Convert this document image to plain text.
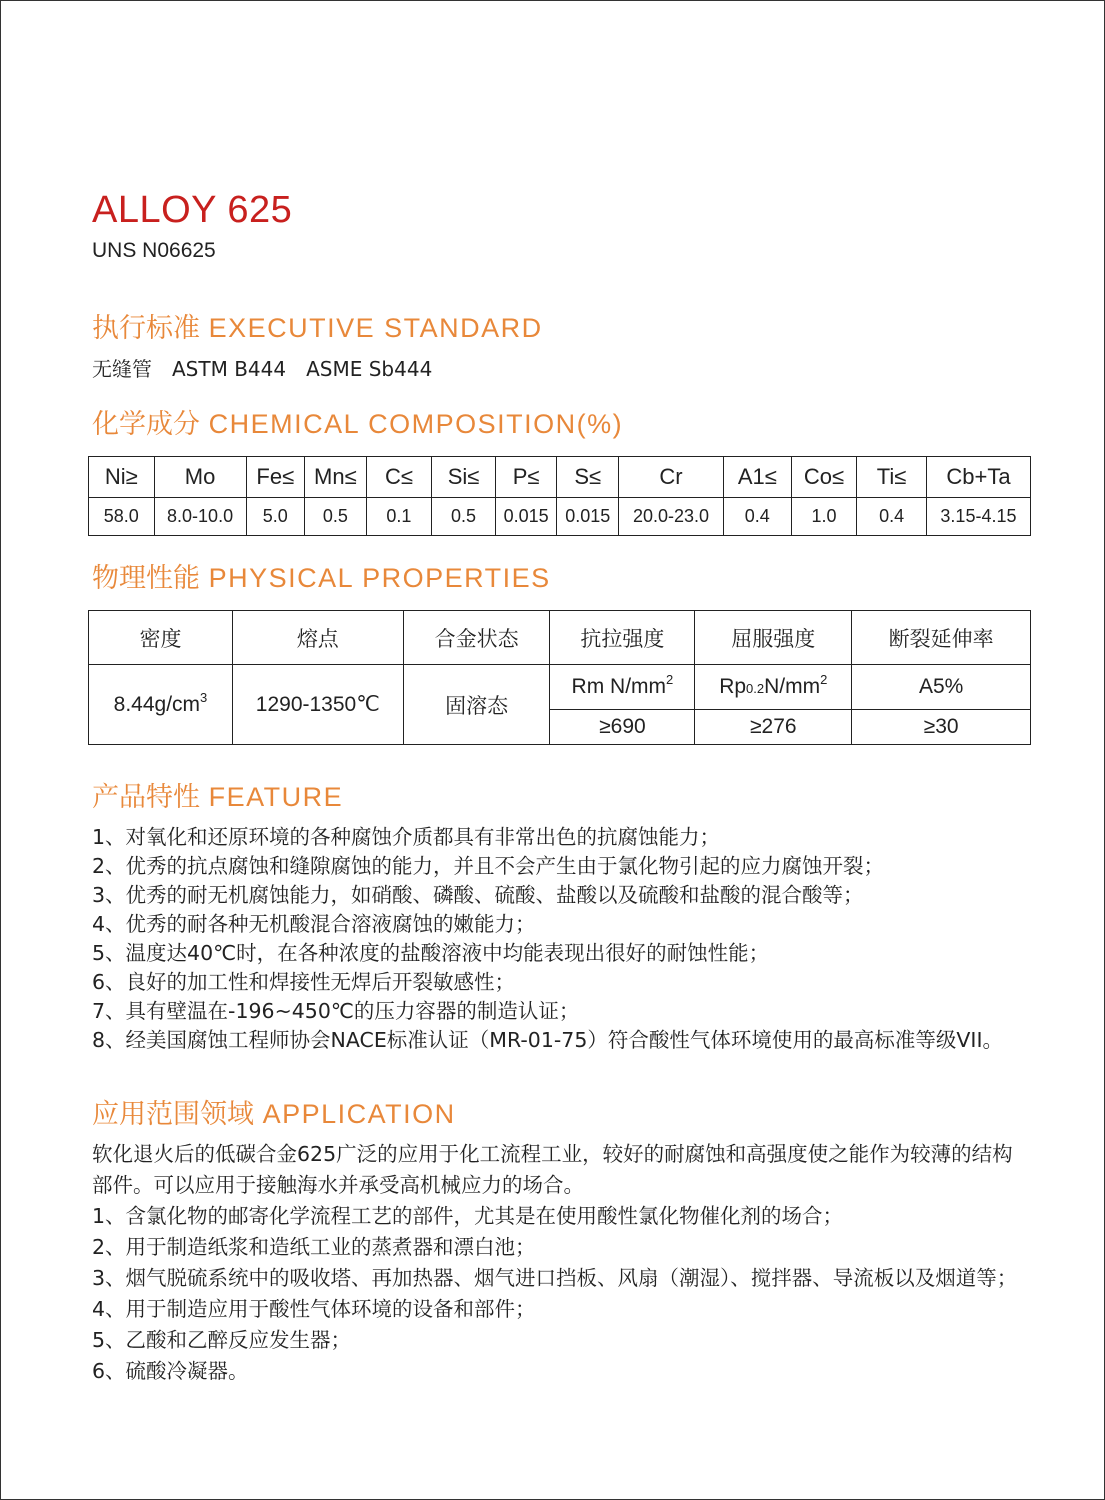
ALLOY 625
UNS N06625
执行标准 EXECUTIVE STANDARD
无缝管 ASTM B444 ASME Sb444
化学成分 CHEMICAL COMPOSITION(%)
Ni≥	Mo	Fe≤	Mn≤	C≤	Si≤	P≤	S≤	Cr	A1≤	Co≤	Ti≤	Cb+Ta
58.0	8.0-10.0	5.0	0.5	0.1	0.5	0.015	0.015	20.0-23.0	0.4	1.0	0.4	3.15-4.15
物理性能 PHYSICAL PROPERTIES
密度	熔点	合金状态	抗拉强度	屈服强度	断裂延伸率
$8.44g/cm^3$	1290-1350℃	固溶态	Rm $N/mm^2$	$Rp0.2N/mm^2$	A5%
			≥690	≥276	≥30
产品特性 FEATURE
1、对氧化和还原环境的各种腐蚀介质都具有非常出色的抗腐蚀能力；
2、优秀的抗点腐蚀和缝隙腐蚀的能力，并且不会产生由于氯化物引起的应力腐蚀开裂；
3、优秀的耐无机腐蚀能力，如硝酸、磷酸、硫酸、盐酸以及硫酸和盐酸的混合酸等；
4、优秀的耐各种无机酸混合溶液腐蚀的嫩能力；
5、温度达40℃时，在各种浓度的盐酸溶液中均能表现出很好的耐蚀性能；
6、良好的加工性和焊接性无焊后开裂敏感性；
7、具有壁温在-196~450℃的压力容器的制造认证；
8、经美国腐蚀工程师协会NACE标准认证（MR-01-75）符合酸性气体环境使用的最高标准等级VII。
应用范围领域 APPLICATION
软化退火后的低碳合金625广泛的应用于化工流程工业，较好的耐腐蚀和高强度使之能作为较薄的结构部件。可以应用于接触海水并承受高机械应力的场合。
1、含氯化物的邮寄化学流程工艺的部件，尤其是在使用酸性氯化物催化剂的场合；
2、用于制造纸浆和造纸工业的蒸煮器和漂白池；
3、烟气脱硫系统中的吸收塔、再加热器、烟气进口挡板、风扇（潮湿）、搅拌器、导流板以及烟道等；
4、用于制造应用于酸性气体环境的设备和部件；
5、乙酸和乙醉反应发生器；
6、硫酸冷凝器。
